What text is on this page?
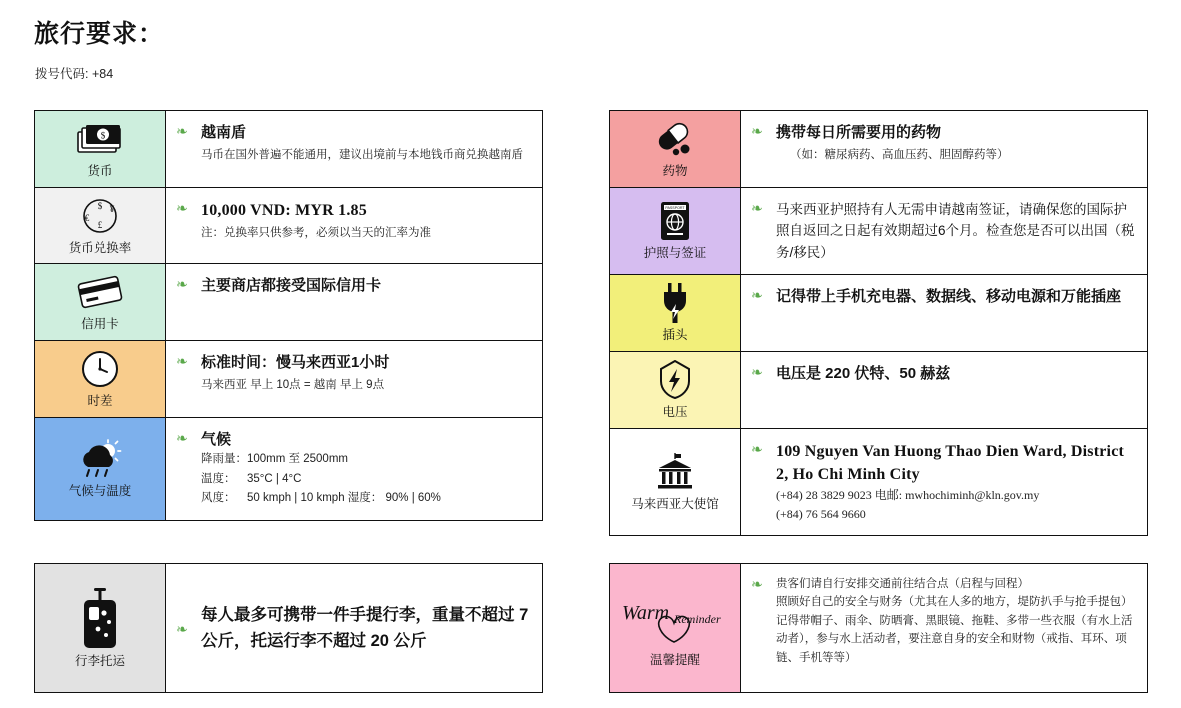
旅行要求：
拨号代码: +84
$
货币
❧ 越南盾
马币在国外普遍不能通用，建议出境前与本地钱币商兑换越南盾
$ ¥
€
£
货币兑换率
❧ 10,000 VND: MYR 1.85
注：兑换率只供参考，必须以当天的汇率为准
信用卡
❧ 主要商店都接受国际信用卡
时差
❧ 标准时间：慢马来西亚1小时
马来西亚 早上 10点 = 越南 早上 9点
气候与温度
❧ 气候
降雨量：100mm 至 2500mm
温度： 35°C | 4°C
风度： 50 kmph | 10 kmph 湿度： 90% | 60%
药物
❧ 携带每日所需要用的药物
（如：糖尿病药、高血压药、胆固醇药等）
PASSPORT
护照与签证
❧ 马来西亚护照持有人无需申请越南签证，请确保您的国际护照自返回之日起有效期超过6个月。检查您是否可以出国（税务/移民）
插头
❧ 记得带上手机充电器、数据线、移动电源和万能插座
电压
❧ 电压是 220 伏特、50 赫兹
马来西亚大使馆
❧ 109 Nguyen Van Huong Thao Dien Ward, District 2, Ho Chi Minh City
(+84) 28 3829 9023 电邮: mwhochiminh@kln.gov.my
(+84) 76 564 9660
行李托运
❧
每人最多可携带一件手提行李，重量不超过 7 公斤，托运行李不超过 20 公斤
Warm Reminder
温馨提醒
❧	贵客们请自行安排交通前往结合点（启程与回程）
照顾好自己的安全与财务（尤其在人多的地方，堤防扒手与抢手提包）
记得带帽子、雨伞、防晒膏、黑眼镜、拖鞋、多带一些衣服（有水上活动者），参与水上活动者，要注意自身的安全和财物（戒指、耳环、项链、手机等等）
